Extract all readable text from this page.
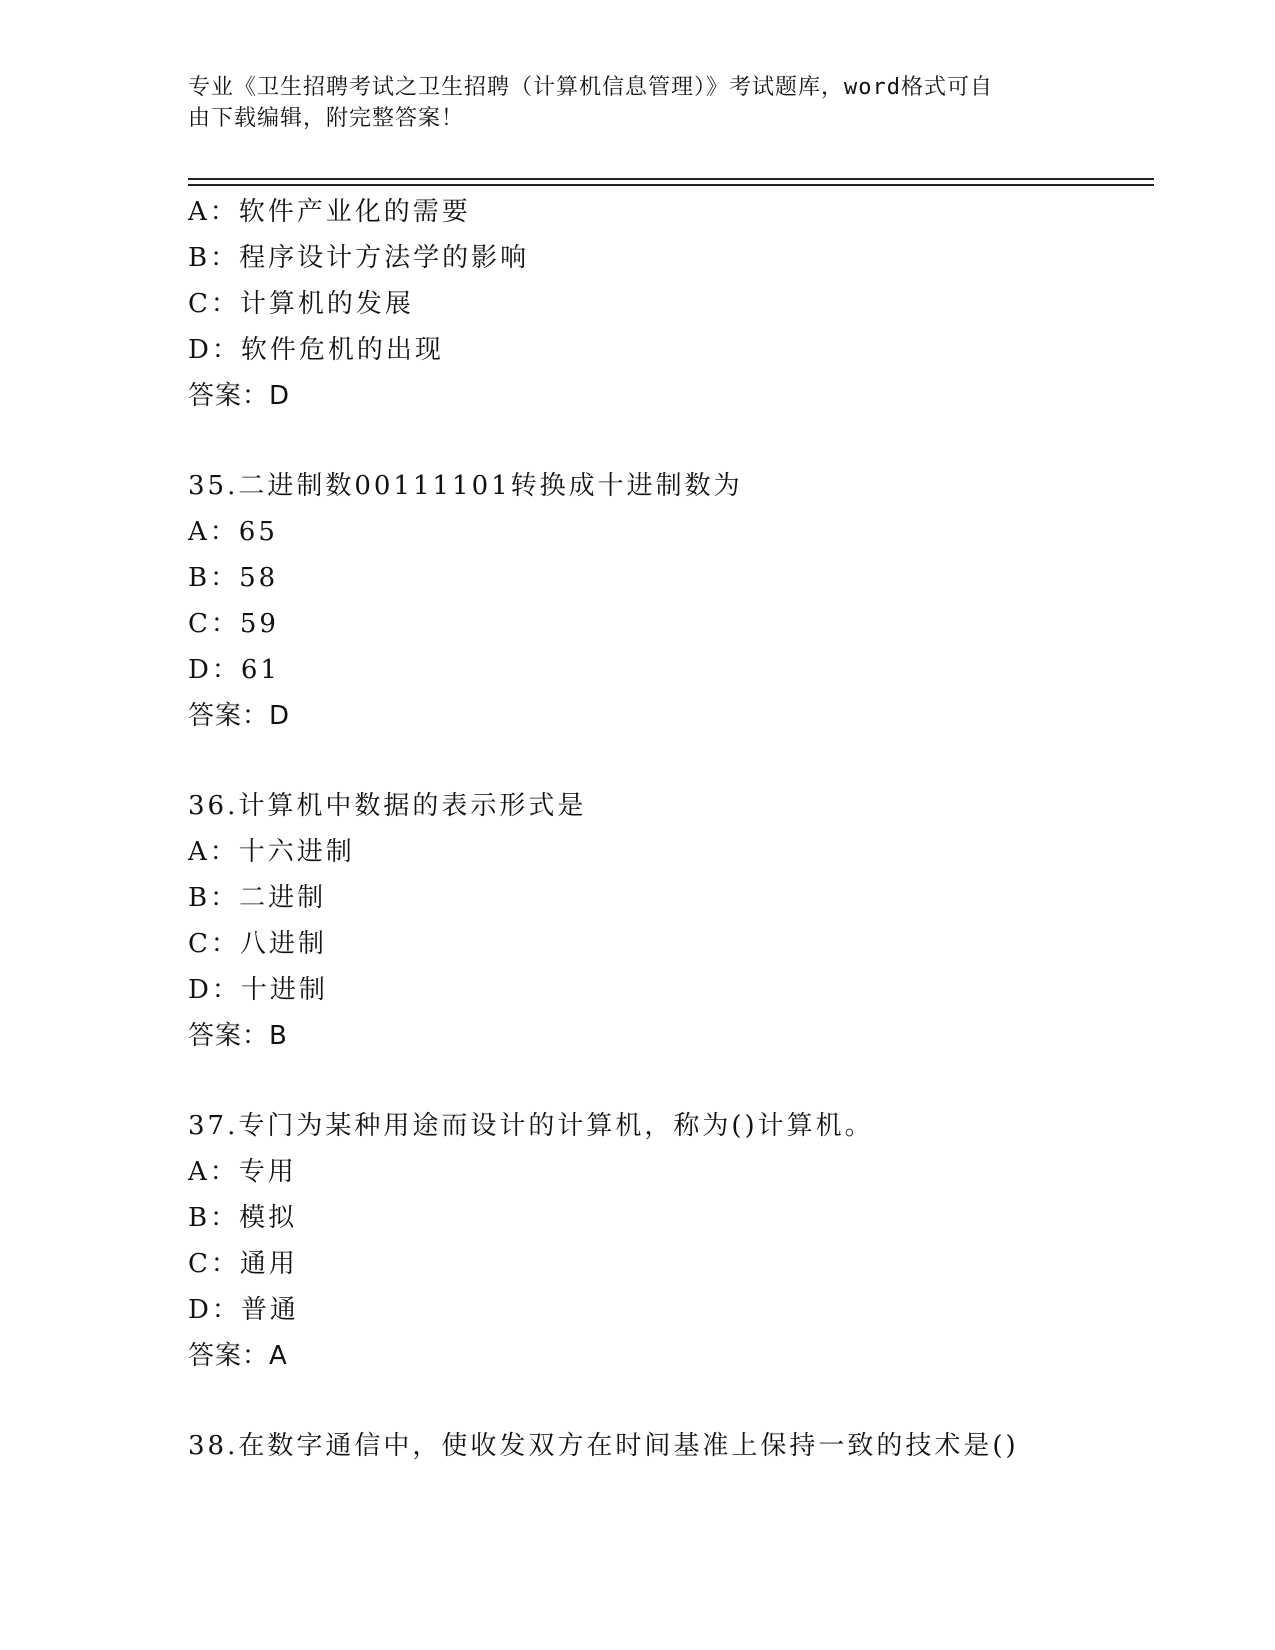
专业《卫生招聘考试之卫生招聘（计算机信息管理）》考试题库，word格式可自
由下载编辑，附完整答案！
A：软件产业化的需要
B：程序设计方法学的影响
C：计算机的发展
D：软件危机的出现
答案：D
35.二进制数00111101转换成十进制数为
A：65
B：58
C：59
D：61
答案：D
36.计算机中数据的表示形式是
A：十六进制
B：二进制
C：八进制
D：十进制
答案：B
37.专门为某种用途而设计的计算机，称为()计算机。
A：专用
B：模拟
C：通用
D：普通
答案：A
38.在数字通信中，使收发双方在时间基准上保持一致的技术是()
